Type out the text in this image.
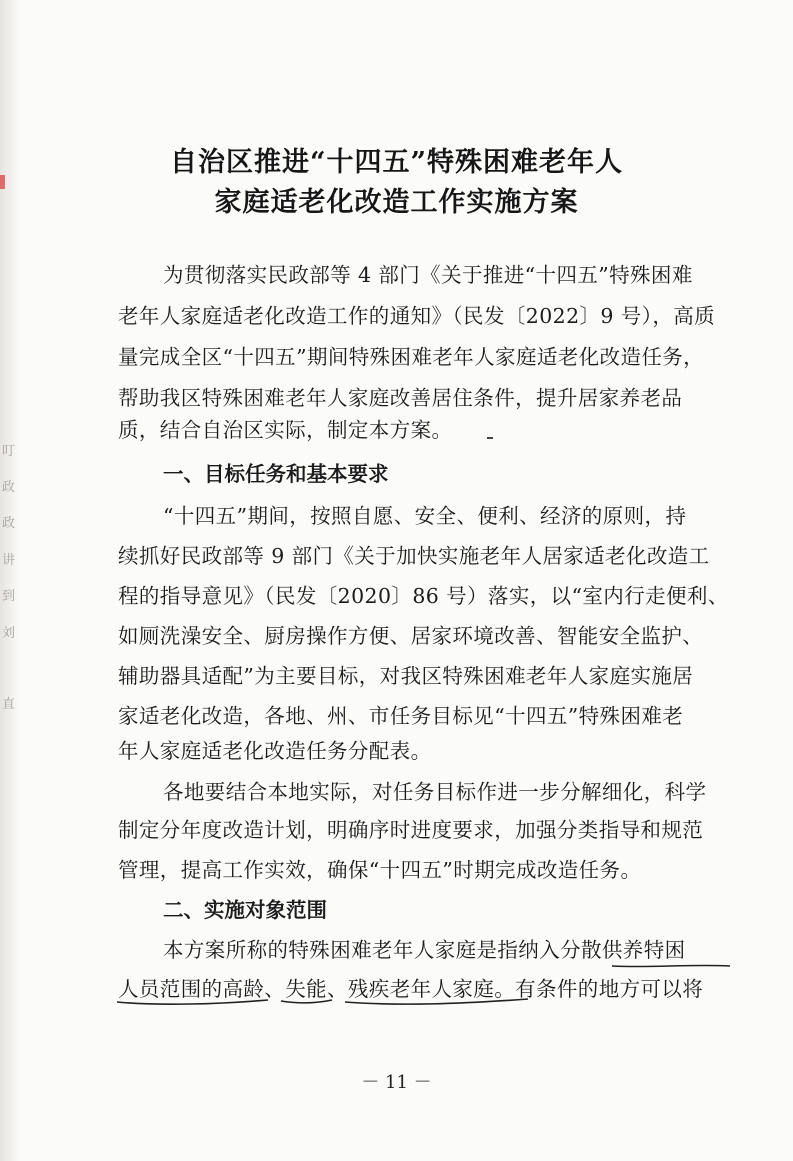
叮
政
政
讲
到
刘
直
自治区推进“十四五”特殊困难老年人
家庭适老化改造工作实施方案
为贯彻落实民政部等 4 部门《关于推进“十四五”特殊困难
老年人家庭适老化改造工作的通知》（民发〔2022〕9 号），高质
量完成全区“十四五”期间特殊困难老年人家庭适老化改造任务，
帮助我区特殊困难老年人家庭改善居住条件，提升居家养老品
质，结合自治区实际，制定本方案。
一、目标任务和基本要求
“十四五”期间，按照自愿、安全、便利、经济的原则，持
续抓好民政部等 9 部门《关于加快实施老年人居家适老化改造工
程的指导意见》（民发〔2020〕86 号）落实，以“室内行走便利、
如厕洗澡安全、厨房操作方便、居家环境改善、智能安全监护、
辅助器具适配”为主要目标，对我区特殊困难老年人家庭实施居
家适老化改造，各地、州、市任务目标见“十四五”特殊困难老
年人家庭适老化改造任务分配表。
各地要结合本地实际，对任务目标作进一步分解细化，科学
制定分年度改造计划，明确序时进度要求，加强分类指导和规范
管理，提高工作实效，确保“十四五”时期完成改造任务。
二、实施对象范围
本方案所称的特殊困难老年人家庭是指纳入分散供养特困
人员范围的高龄、失能、残疾老年人家庭。有条件的地方可以将
－ 11 －
